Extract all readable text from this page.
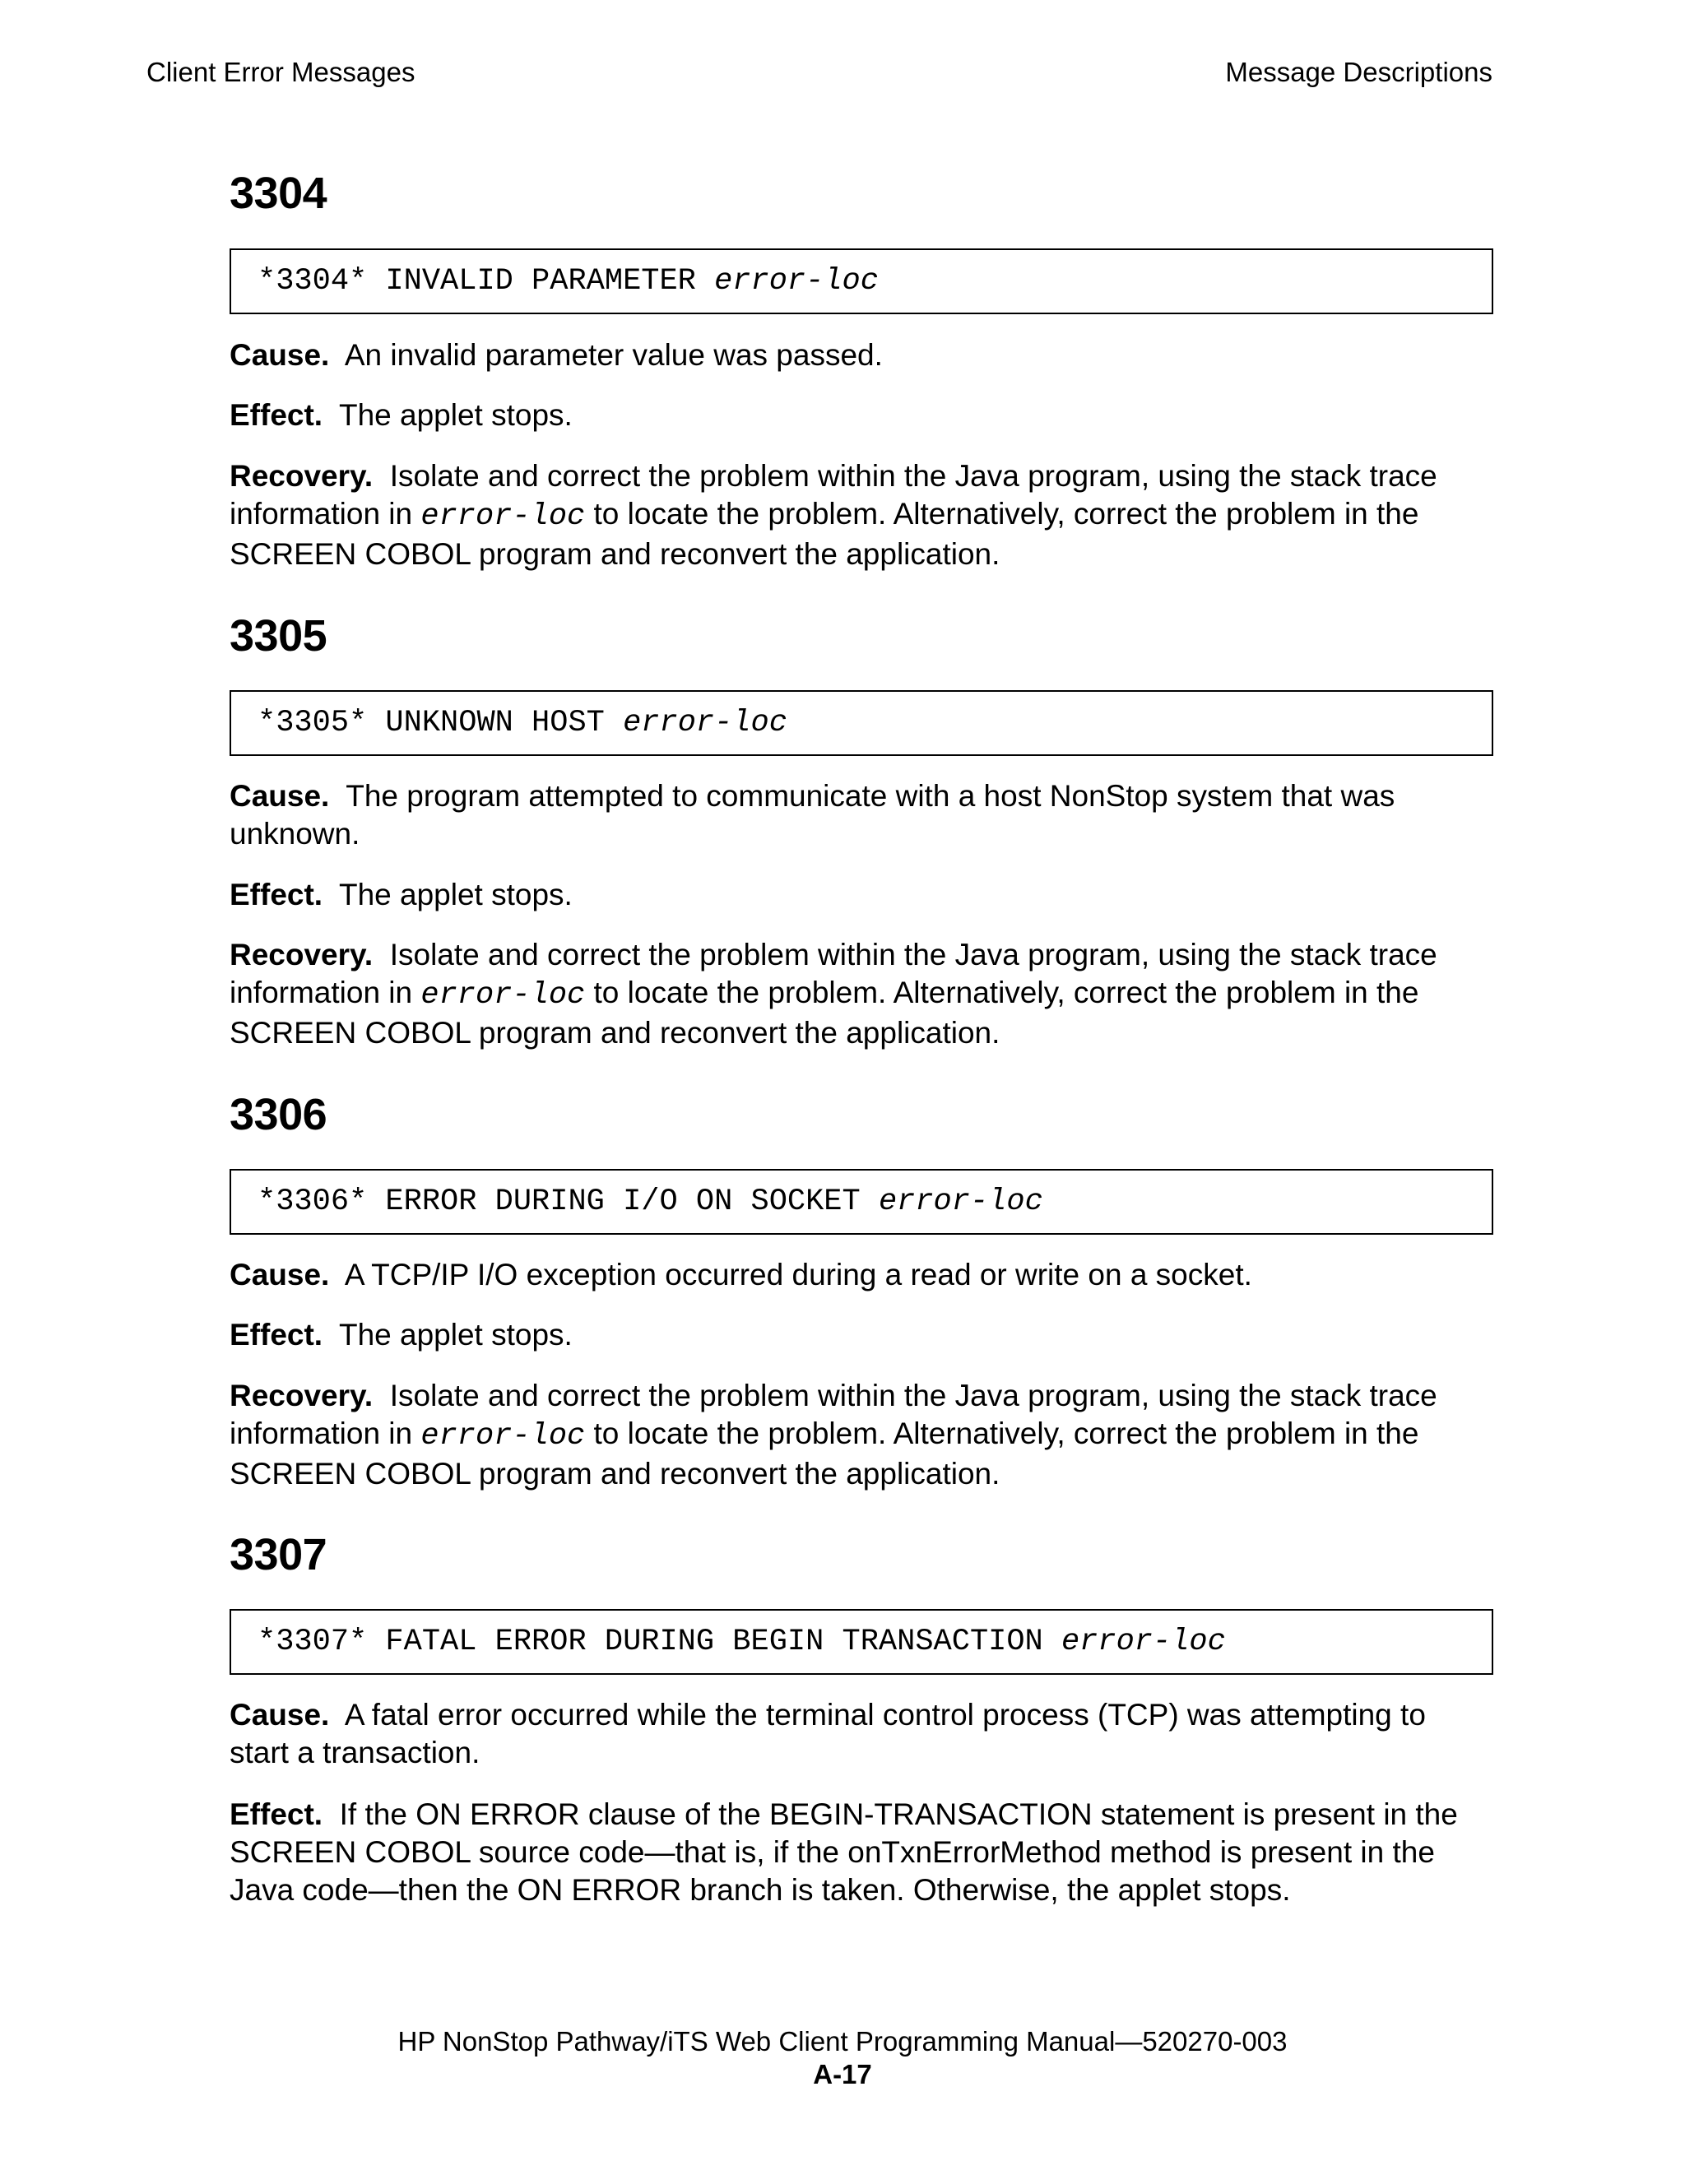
Client Error Messages	Message Descriptions
3304
*3304* INVALID PARAMETER error-loc

Cause. An invalid parameter value was passed.

Effect. The applet stops.

Recovery. Isolate and correct the problem within the Java program, using the stack trace information in error-loc to locate the problem. Alternatively, correct the problem in the SCREEN COBOL program and reconvert the application.

3305
*3305* UNKNOWN HOST error-loc

Cause. The program attempted to communicate with a host NonStop system that was unknown.

Effect. The applet stops.

Recovery. Isolate and correct the problem within the Java program, using the stack trace information in error-loc to locate the problem. Alternatively, correct the problem in the SCREEN COBOL program and reconvert the application.

3306
*3306* ERROR DURING I/O ON SOCKET error-loc

Cause. A TCP/IP I/O exception occurred during a read or write on a socket.

Effect. The applet stops.

Recovery. Isolate and correct the problem within the Java program, using the stack trace information in error-loc to locate the problem. Alternatively, correct the problem in the SCREEN COBOL program and reconvert the application.

3307
*3307* FATAL ERROR DURING BEGIN TRANSACTION error-loc

Cause. A fatal error occurred while the terminal control process (TCP) was attempting to start a transaction.

Effect. If the ON ERROR clause of the BEGIN-TRANSACTION statement is present in the SCREEN COBOL source code—that is, if the onTxnErrorMethod method is present in the Java code—then the ON ERROR branch is taken. Otherwise, the applet stops.

HP NonStop Pathway/iTS Web Client Programming Manual—520270-003
A-17
